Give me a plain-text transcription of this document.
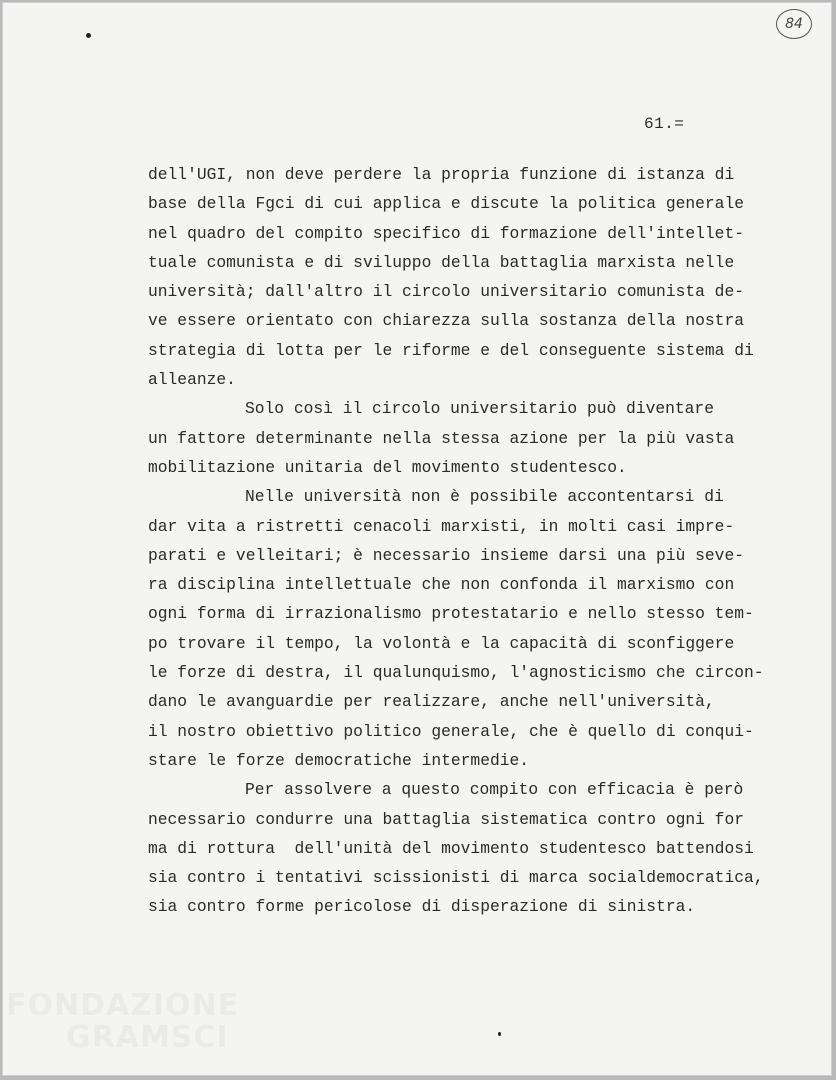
84
61.=
dell'UGI, non deve perdere la propria funzione di istanza di
base della Fgci di cui applica e discute la politica generale
nel quadro del compito specifico di formazione dell'intellet-
tuale comunista e di sviluppo della battaglia marxista nelle
università; dall'altro il circolo universitario comunista de-
ve essere orientato con chiarezza sulla sostanza della nostra
strategia di lotta per le riforme e del conseguente sistema di
alleanze.
Solo così il circolo universitario può diventare
un fattore determinante nella stessa azione per la più vasta
mobilitazione unitaria del movimento studentesco.
Nelle università non è possibile accontentarsi di
dar vita a ristretti cenacoli marxisti, in molti casi impre-
parati e velleitari; è necessario insieme darsi una più seve-
ra disciplina intellettuale che non confonda il marxismo con
ogni forma di irrazionalismo protestatario e nello stesso tem-
po trovare il tempo, la volontà e la capacità di sconfiggere
le forze di destra, il qualunquismo, l'agnosticismo che circon-
dano le avanguardie per realizzare, anche nell'università,
il nostro obiettivo politico generale, che è quello di conqui-
stare le forze democratiche intermedie.
Per assolvere a questo compito con efficacia è però
necessario condurre una battaglia sistematica contro ogni for
ma di rottura  dell'unità del movimento studentesco battendosi
sia contro i tentativi scissionisti di marca socialdemocratica,
sia contro forme pericolose di disperazione di sinistra.
FONDAZIONE
GRAMSCI
